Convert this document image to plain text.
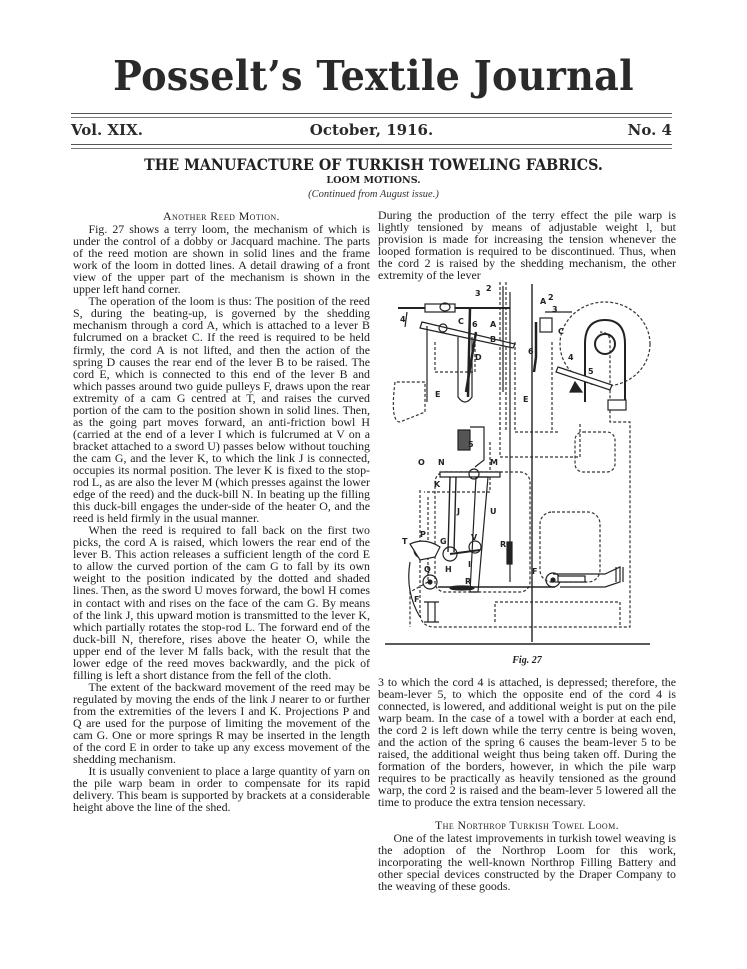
Posselt’s Textile Journal
Vol. XIX.	October, 1916.	No. 4
THE MANUFACTURE OF TURKISH TOWELING FABRICS.
LOOM MOTIONS.
(Continued from August issue.)

Another Reed Motion.

Fig. 27 shows a terry loom, the mechanism of which is under the control of a dobby or Jacquard machine. The parts of the reed motion are shown in solid lines and the frame work of the loom in dotted lines. A detail drawing of a front view of the upper part of the mechanism is shown in the upper left hand corner.

The operation of the loom is thus: The position of the reed S, during the beating-up, is governed by the shedding mechanism through a cord A, which is attached to a lever B fulcrumed on a bracket C. If the reed is required to be held firmly, the cord A is not lifted, and then the action of the spring D causes the rear end of the lever B to be raised. The cord E, which is connected to this end of the lever B and which passes around two guide pulleys F, draws upon the rear extremity of a cam G centred at T, and raises the curved portion of the cam to the position shown in solid lines. Then, as the going part moves forward, an anti-friction bowl H (carried at the end of a lever I which is fulcrumed at V on a bracket attached to a sword U) passes below without touching the cam G, and the lever K, to which the link J is connected, occupies its normal position. The lever K is fixed to the stop-rod L, as are also the lever M (which presses against the lower edge of the reed) and the duck-bill N. In beating up the filling this duck-bill engages the under-side of the heater O, and the reed is held firmly in the usual manner.

When the reed is required to fall back on the first two picks, the cord A is raised, which lowers the rear end of the lever B. This action releases a sufficient length of the cord E to allow the curved portion of the cam G to fall by its own weight to the position indicated by the dotted and shaded lines. Then, as the sword U moves forward, the bowl H comes in contact with and rises on the face of the cam G. By means of the link J, this upward motion is transmitted to the lever K, which partially rotates the stop-rod L. The forward end of the duck-bill N, therefore, rises above the heater O, while the upper end of the lever M falls back, with the result that the lower edge of the reed moves backwardly, and the pick of filling is left a short distance from the fell of the cloth.

The extent of the backward movement of the reed may be regulated by moving the ends of the link J nearer to or further from the extremities of the levers I and K. Projections P and Q are used for the purpose of limiting the movement of the cam G. One or more springs R may be inserted in the length of the cord E in order to take up any excess movement of the shedding mechanism.

It is usually convenient to place a large quantity of yarn on the pile warp beam in order to compensate for its rapid delivery. This beam is supported by brackets at a considerable height above the line of the shed.

During the production of the terry effect the pile warp is lightly tensioned by means of adjustable weight l, but provision is made for increasing the tension whenever the looped formation is required to be discontinued. Thus, when the cord 2 is raised by the shedding mechanism, the other extremity of the lever

3
2
A
B
C
D
E
4
6
A 2
3
C
4
5
6
E
5
O N	M
K
J	U
P
T	G	V
H
I
Q
F
R
R
F
Fig. 27

3 to which the cord 4 is attached, is depressed; therefore, the beam-lever 5, to which the opposite end of the cord 4 is connected, is lowered, and additional weight is put on the pile warp beam. In the case of a towel with a border at each end, the cord 2 is left down while the terry centre is being woven, and the action of the spring 6 causes the beam-lever 5 to be raised, the additional weight thus being taken off. During the formation of the borders, however, in which the pile warp requires to be practically as heavily tensioned as the ground warp, the cord 2 is raised and the beam-lever 5 lowered all the time to produce the extra tension necessary.

The Northrop Turkish Towel Loom.

One of the latest improvements in turkish towel weaving is the adoption of the Northrop Loom for this work, incorporating the well-known Northrop Filling Battery and other special devices constructed by the Draper Company to the weaving of these goods.
